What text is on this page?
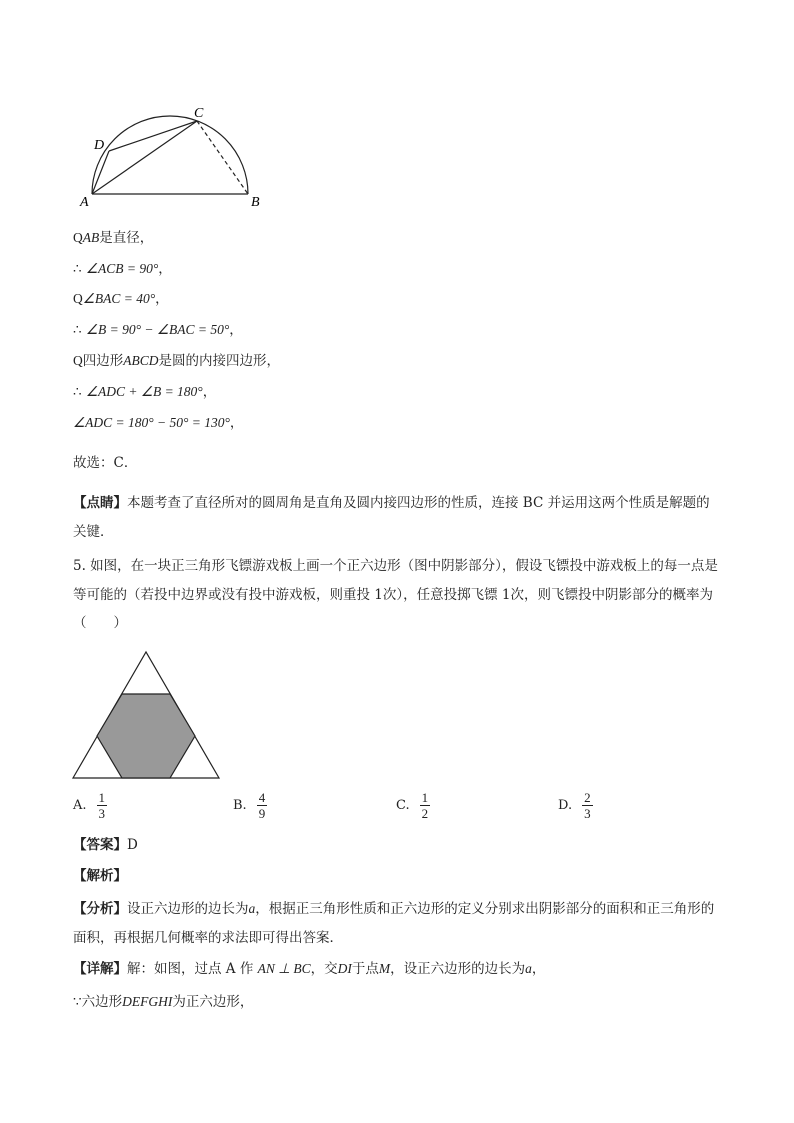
A	B
C
D
QAB是直径，
∴ ∠ACB = 90°，
Q∠BAC = 40°，
∴ ∠B = 90° − ∠BAC = 50°，
Q四边形ABCD是圆的内接四边形，
∴ ∠ADC + ∠B = 180°，
∠ADC = 180° − 50° = 130°，
故选：C．
【点睛】本题考查了直径所对的圆周角是直角及圆内接四边形的性质，连接 BC 并运用这两个性质是解题的关键．
5. 如图，在一块正三角形飞镖游戏板上画一个正六边形（图中阴影部分），假设飞镖投中游戏板上的每一点是等可能的（若投中边界或没有投中游戏板，则重投 1次），任意投掷飞镖 1次，则飞镖投中阴影部分的概率为（　　）
A. $\frac{1}{3}$	B. $\frac{4}{9}$	C. $\frac{1}{2}$	D. $\frac{2}{3}$
【答案】D
【解析】
【分析】设正六边形的边长为a，根据正三角形性质和正六边形的定义分别求出阴影部分的面积和正三角形的面积，再根据几何概率的求法即可得出答案．
【详解】解：如图，过点 A 作 AN ⊥ BC，交DI于点M，设正六边形的边长为a，
∵六边形DEFGHI为正六边形，
